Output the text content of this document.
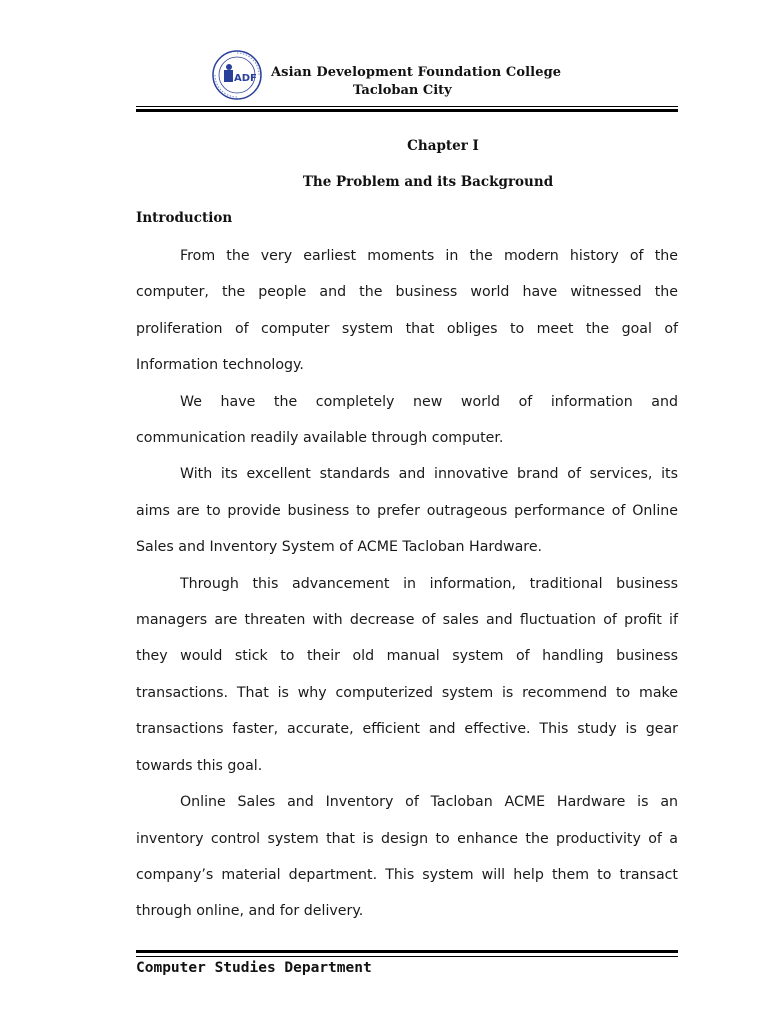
ADF Asian Development Foundation College
Tacloban City
Chapter I
The Problem and its Background
Introduction

From the very earliest moments in the modern history of the computer, the people and the business world have witnessed the proliferation of computer system that obliges to meet the goal of Information technology.

We have the completely new world of information and communication readily available through computer.

With its excellent standards and innovative brand of services, its aims are to provide business to prefer outrageous performance of Online Sales and Inventory System of ACME Tacloban Hardware.

Through this advancement in information, traditional business managers are threaten with decrease of sales and fluctuation of profit if they would stick to their old manual system of handling business transactions. That is why computerized system is recommend to make transactions faster, accurate, efficient and effective. This study is gear towards this goal.

Online Sales and Inventory of Tacloban ACME Hardware is an inventory control system that is design to enhance the productivity of a company’s material department. This system will help them to transact through online, and for delivery.

Computer Studies Department
